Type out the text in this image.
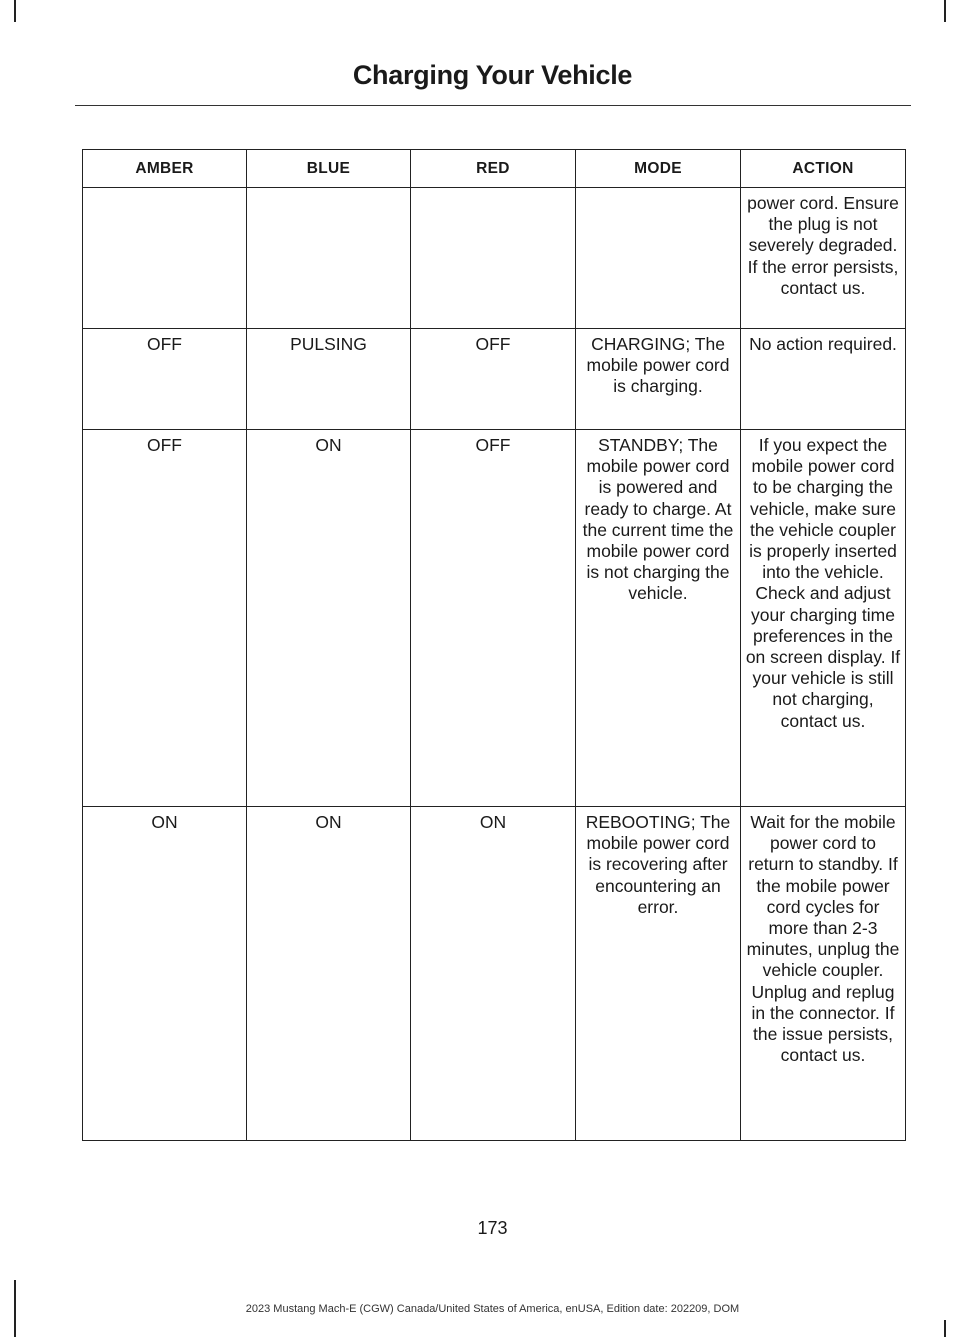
Charging Your Vehicle
AMBER	BLUE	RED	MODE	ACTION
				power cord. Ensure the plug is not severely degraded. If the error persists, contact us.
OFF	PULSING	OFF	CHARGING; The mobile power cord is charging.	No action required.
OFF	ON	OFF	STANDBY; The mobile power cord is powered and ready to charge. At the current time the mobile power cord is not charging the vehicle.	If you expect the mobile power cord to be charging the vehicle, make sure the vehicle coupler is properly inserted into the vehicle. Check and adjust your charging time preferences in the on screen display. If your vehicle is still not charging, contact us.
ON	ON	ON	REBOOTING; The mobile power cord is recovering after encountering an error.	Wait for the mobile power cord to return to standby. If the mobile power cord cycles for more than 2-3 minutes, unplug the vehicle coupler. Unplug and replug in the connector. If the issue persists, contact us.
173
2023 Mustang Mach-E (CGW) Canada/United States of America, enUSA, Edition date: 202209, DOM
